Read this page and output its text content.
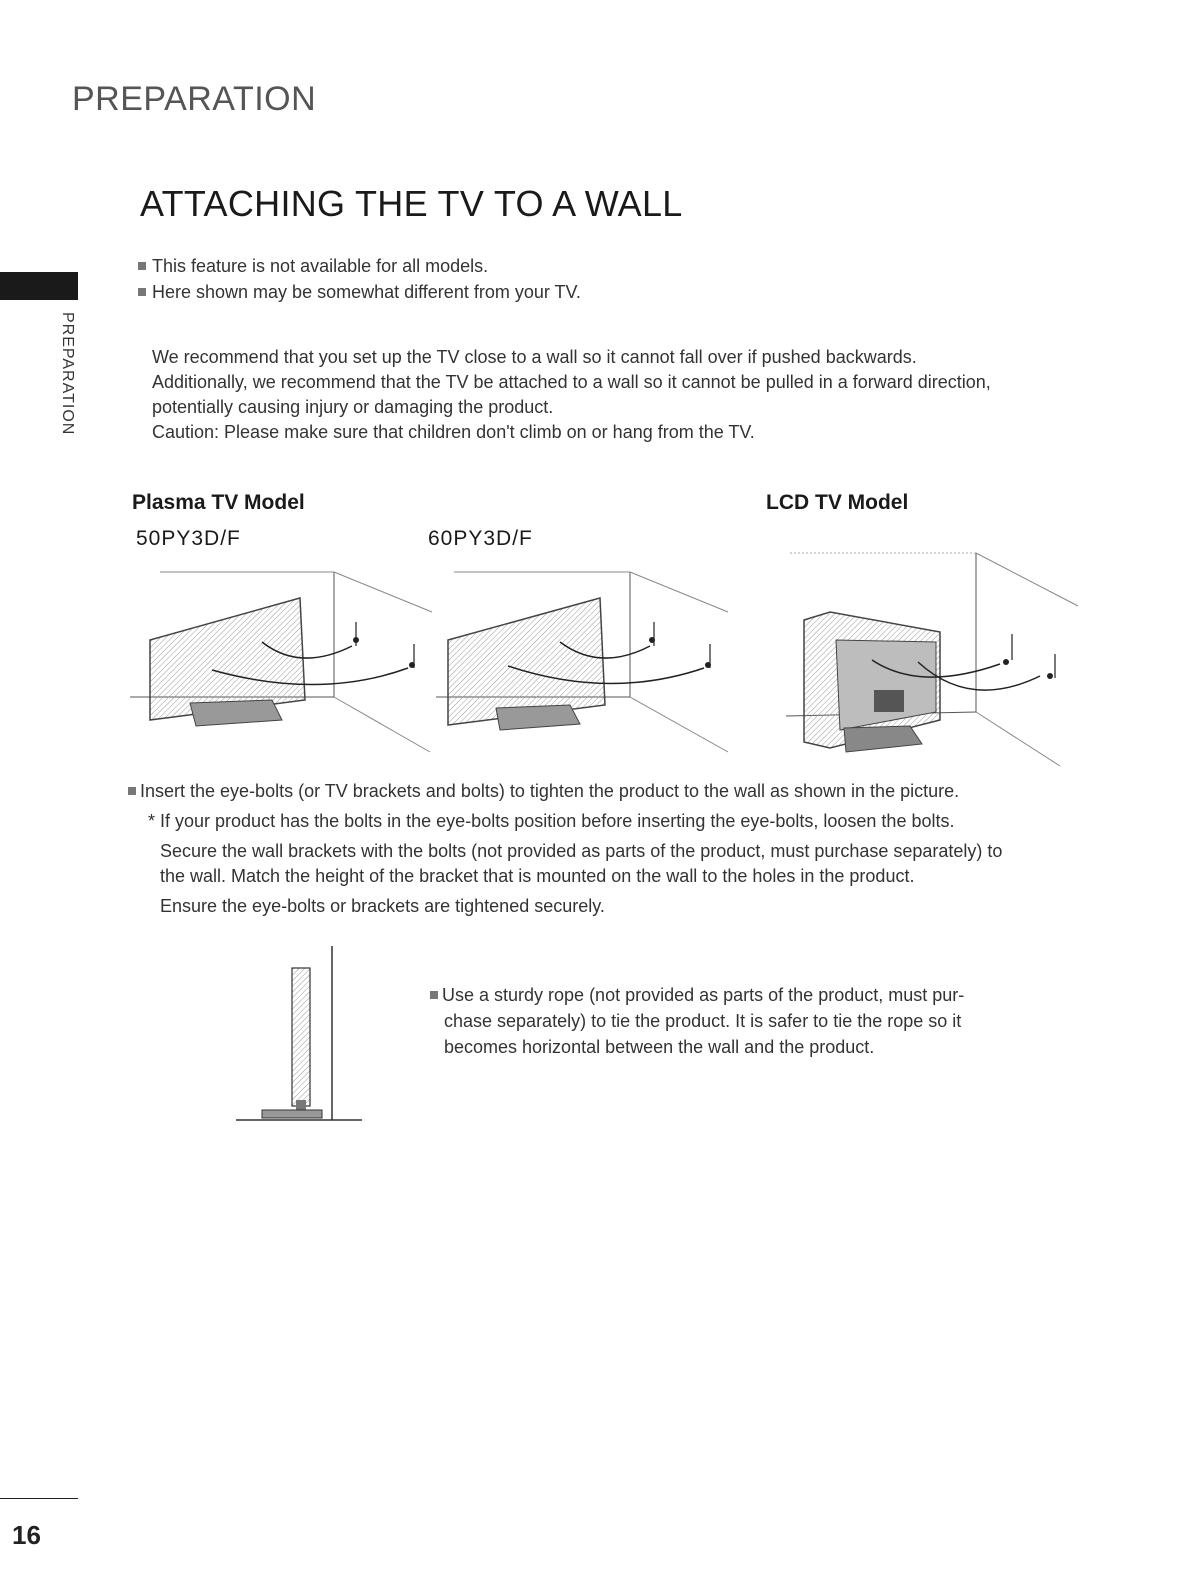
PREPARATION
ATTACHING THE TV TO A WALL
PREPARATION
This feature is not available for all models.
Here shown may be somewhat different from your TV.

We recommend that you set up the TV close to a wall so it cannot fall over if pushed backwards.

Additionally, we recommend that the TV be attached to a wall so it cannot be pulled in a forward direction,

potentially causing injury or damaging the product.

Caution: Please make sure that children don't climb on or hang from the TV.

Plasma TV Model	LCD TV Model
50PY3D/F	60PY3D/F
Insert the eye-bolts (or TV brackets and bolts) to tighten the product to the wall as shown in the picture.
* If your product has the bolts in the eye-bolts position before inserting the eye-bolts, loosen the bolts.
Secure the wall brackets with the bolts (not provided as parts of the product, must purchase separately) to
the wall. Match the height of the bracket that is mounted on the wall to the holes in the product.
Ensure the eye-bolts or brackets are tightened securely.

Use a sturdy rope (not provided as parts of the product, must pur-

chase separately) to tie the product. It is safer to tie the rope so it

becomes horizontal between the wall and the product.

16
